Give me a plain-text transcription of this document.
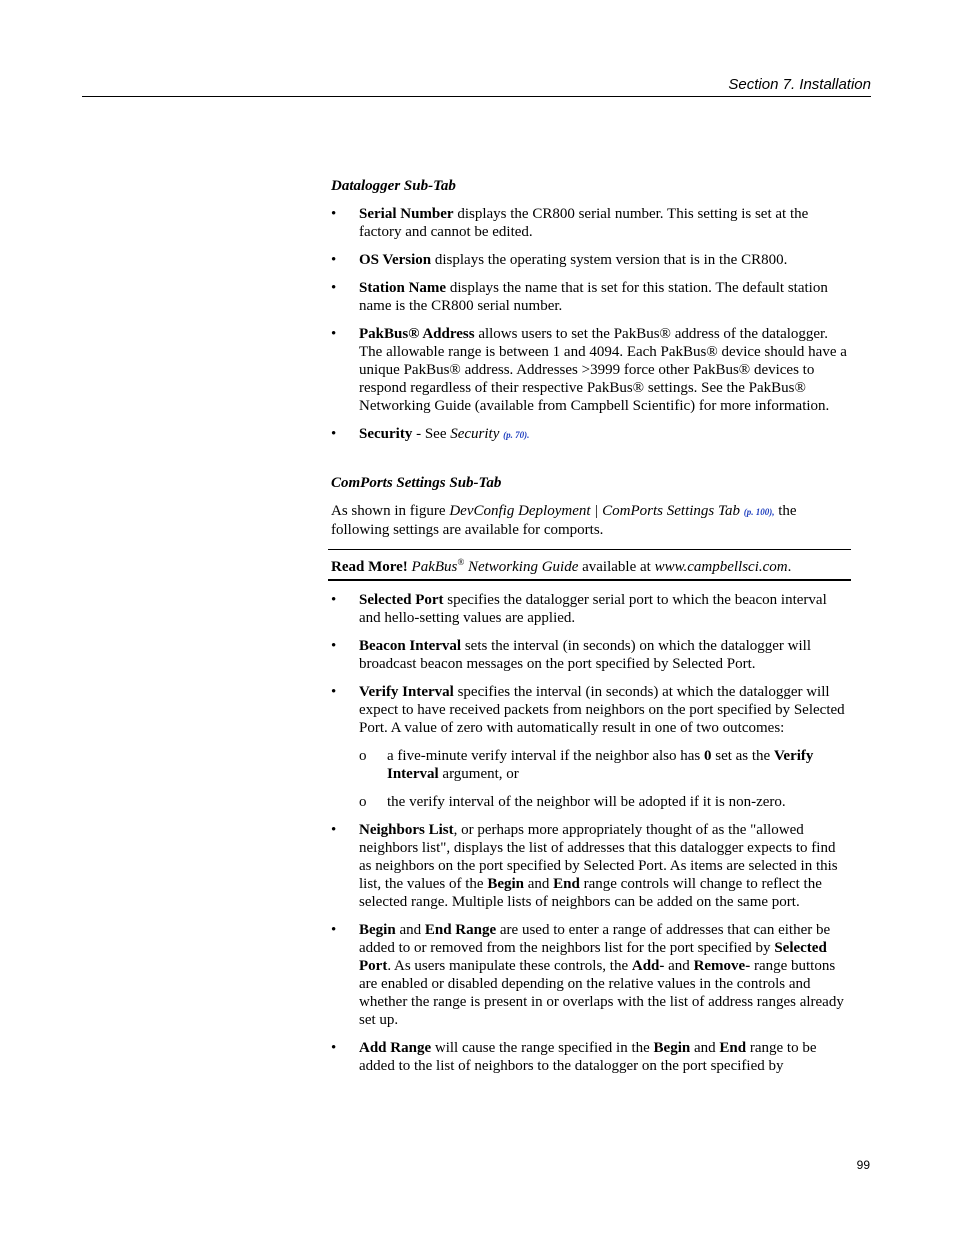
Section 7. Installation
Datalogger Sub-Tab
• Serial Number displays the CR800 serial number. This setting is set at the factory and cannot be edited.
• OS Version displays the operating system version that is in the CR800.
• Station Name displays the name that is set for this station. The default station name is the CR800 serial number.
• PakBus® Address allows users to set the PakBus® address of the datalogger. The allowable range is between 1 and 4094. Each PakBus® device should have a unique PakBus® address. Addresses >3999 force other PakBus® devices to respond regardless of their respective PakBus® settings. See the PakBus® Networking Guide (available from Campbell Scientific) for more information.
• Security - See Security (p. 70).
ComPorts Settings Sub-Tab

As shown in figure DevConfig Deployment | ComPorts Settings Tab (p. 100), the following settings are available for comports.

Read More! PakBus® Networking Guide available at www.campbellsci.com.
• Selected Port specifies the datalogger serial port to which the beacon interval and hello-setting values are applied.
• Beacon Interval sets the interval (in seconds) on which the datalogger will broadcast beacon messages on the port specified by Selected Port.
• Verify Interval specifies the interval (in seconds) at which the datalogger will expect to have received packets from neighbors on the port specified by Selected Port. A value of zero with automatically result in one of two outcomes:
o a five-minute verify interval if the neighbor also has 0 set as the Verify Interval argument, or
o the verify interval of the neighbor will be adopted if it is non-zero.
• Neighbors List, or perhaps more appropriately thought of as the "allowed neighbors list", displays the list of addresses that this datalogger expects to find as neighbors on the port specified by Selected Port. As items are selected in this list, the values of the Begin and End range controls will change to reflect the selected range. Multiple lists of neighbors can be added on the same port.
• Begin and End Range are used to enter a range of addresses that can either be added to or removed from the neighbors list for the port specified by Selected Port. As users manipulate these controls, the Add- and Remove- range buttons are enabled or disabled depending on the relative values in the controls and whether the range is present in or overlaps with the list of address ranges already set up.
• Add Range will cause the range specified in the Begin and End range to be added to the list of neighbors to the datalogger on the port specified by
99
